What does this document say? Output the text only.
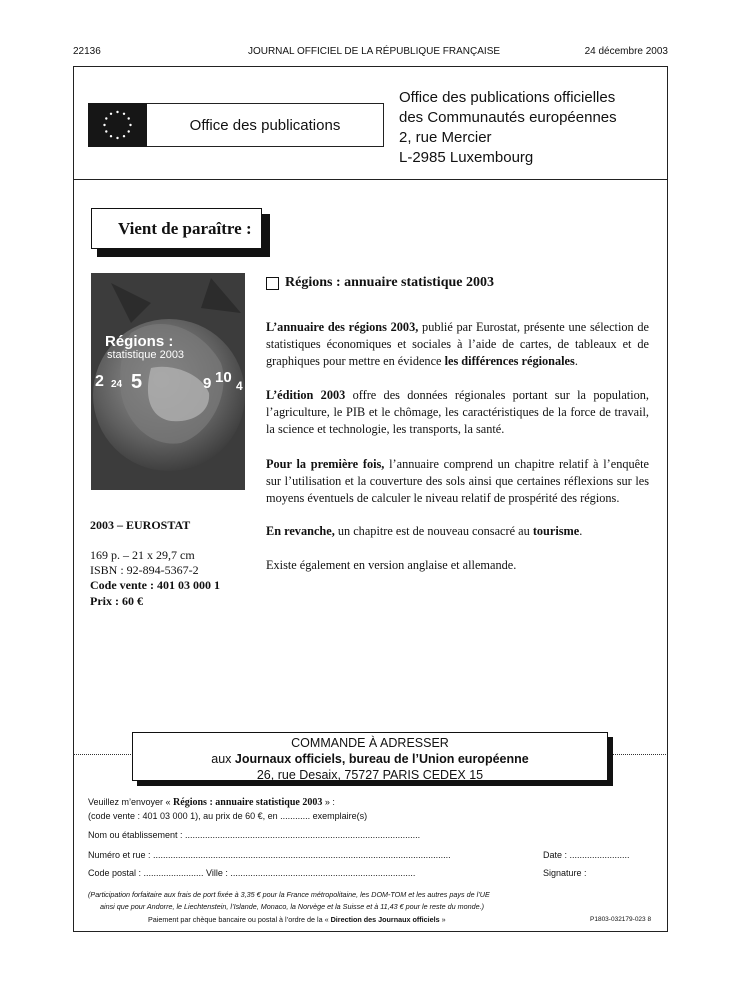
22136	JOURNAL OFFICIEL DE LA RÉPUBLIQUE FRANÇAISE	24 décembre 2003
Office des publications
Office des publications officielles
des Communautés européennes
2, rue Mercier
L-2985 Luxembourg
Vient de paraître :
Régions :
statistique 2003
2 24 5	9 10 4
2003 – EUROSTAT
169 p. – 21 x 29,7 cm
ISBN : 92-894-5367-2
Code vente : 401 03 000 1
Prix : 60 €
Régions : annuaire statistique 2003
L’annuaire des régions 2003, publié par Eurostat, présente une sélection de statistiques économiques et sociales à l’aide de cartes, de tableaux et de graphiques pour mettre en évidence les différences régionales.
L’édition 2003 offre des données régionales portant sur la population, l’agriculture, le PIB et le chômage, les caractéristiques de la force de travail, la science et technologie, les transports, la santé.
Pour la première fois, l’annuaire comprend un chapitre relatif à l’enquête sur l’utilisation et la couverture des sols ainsi que certaines réflexions sur les moyens éventuels de calculer le niveau relatif de prospérité des régions.
En revanche, un chapitre est de nouveau consacré au tourisme.
Existe également en version anglaise et allemande.
COMMANDE À ADRESSER
aux Journaux officiels, bureau de l’Union européenne
26, rue Desaix, 75727 PARIS CEDEX 15
Veuillez m’envoyer « Régions : annuaire statistique 2003 » :
(code vente : 401 03 000 1), au prix de 60 €, en ............ exemplaire(s)
Nom ou établissement : ..............................................................................................
Numéro et rue : .......................................................................................................................	Date : ........................
Code postal : ........................ Ville : ..........................................................................	Signature :
(Participation forfaitaire aux frais de port fixée à 3,35 € pour la France métropolitaine, les DOM-TOM et les autres pays de l’UE
ainsi que pour Andorre, le Liechtenstein, l’Islande, Monaco, la Norvège et la Suisse et à 11,43 € pour le reste du monde.)
Paiement par chèque bancaire ou postal à l’ordre de la « Direction des Journaux officiels »	P1803-032179-023 8
